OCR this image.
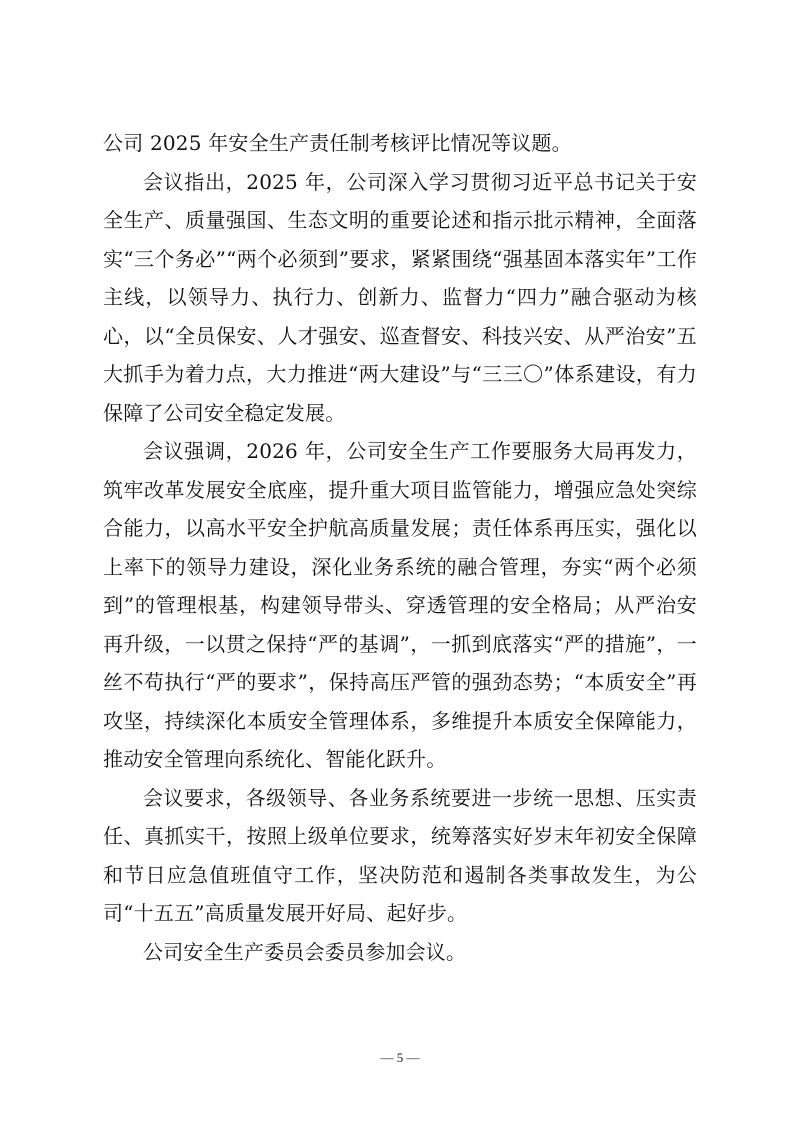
公司 2025 年安全生产责任制考核评比情况等议题。

会议指出，2025 年，公司深入学习贯彻习近平总书记关于安全生产、质量强国、生态文明的重要论述和指示批示精神，全面落实“三个务必”“两个必须到”要求，紧紧围绕“强基固本落实年”工作主线，以领导力、执行力、创新力、监督力“四力”融合驱动为核心，以“全员保安、人才强安、巡查督安、科技兴安、从严治安”五大抓手为着力点，大力推进“两大建设”与“三三〇”体系建设，有力保障了公司安全稳定发展。

会议强调，2026 年，公司安全生产工作要服务大局再发力，筑牢改革发展安全底座，提升重大项目监管能力，增强应急处突综合能力，以高水平安全护航高质量发展；责任体系再压实，强化以上率下的领导力建设，深化业务系统的融合管理，夯实“两个必须到”的管理根基，构建领导带头、穿透管理的安全格局；从严治安再升级，一以贯之保持“严的基调”，一抓到底落实“严的措施”，一丝不苟执行“严的要求”，保持高压严管的强劲态势；“本质安全”再攻坚，持续深化本质安全管理体系，多维提升本质安全保障能力，推动安全管理向系统化、智能化跃升。

会议要求，各级领导、各业务系统要进一步统一思想、压实责任、真抓实干，按照上级单位要求，统筹落实好岁末年初安全保障和节日应急值班值守工作，坚决防范和遏制各类事故发生，为公司“十五五”高质量发展开好局、起好步。

公司安全生产委员会委员参加会议。

— 5 —
